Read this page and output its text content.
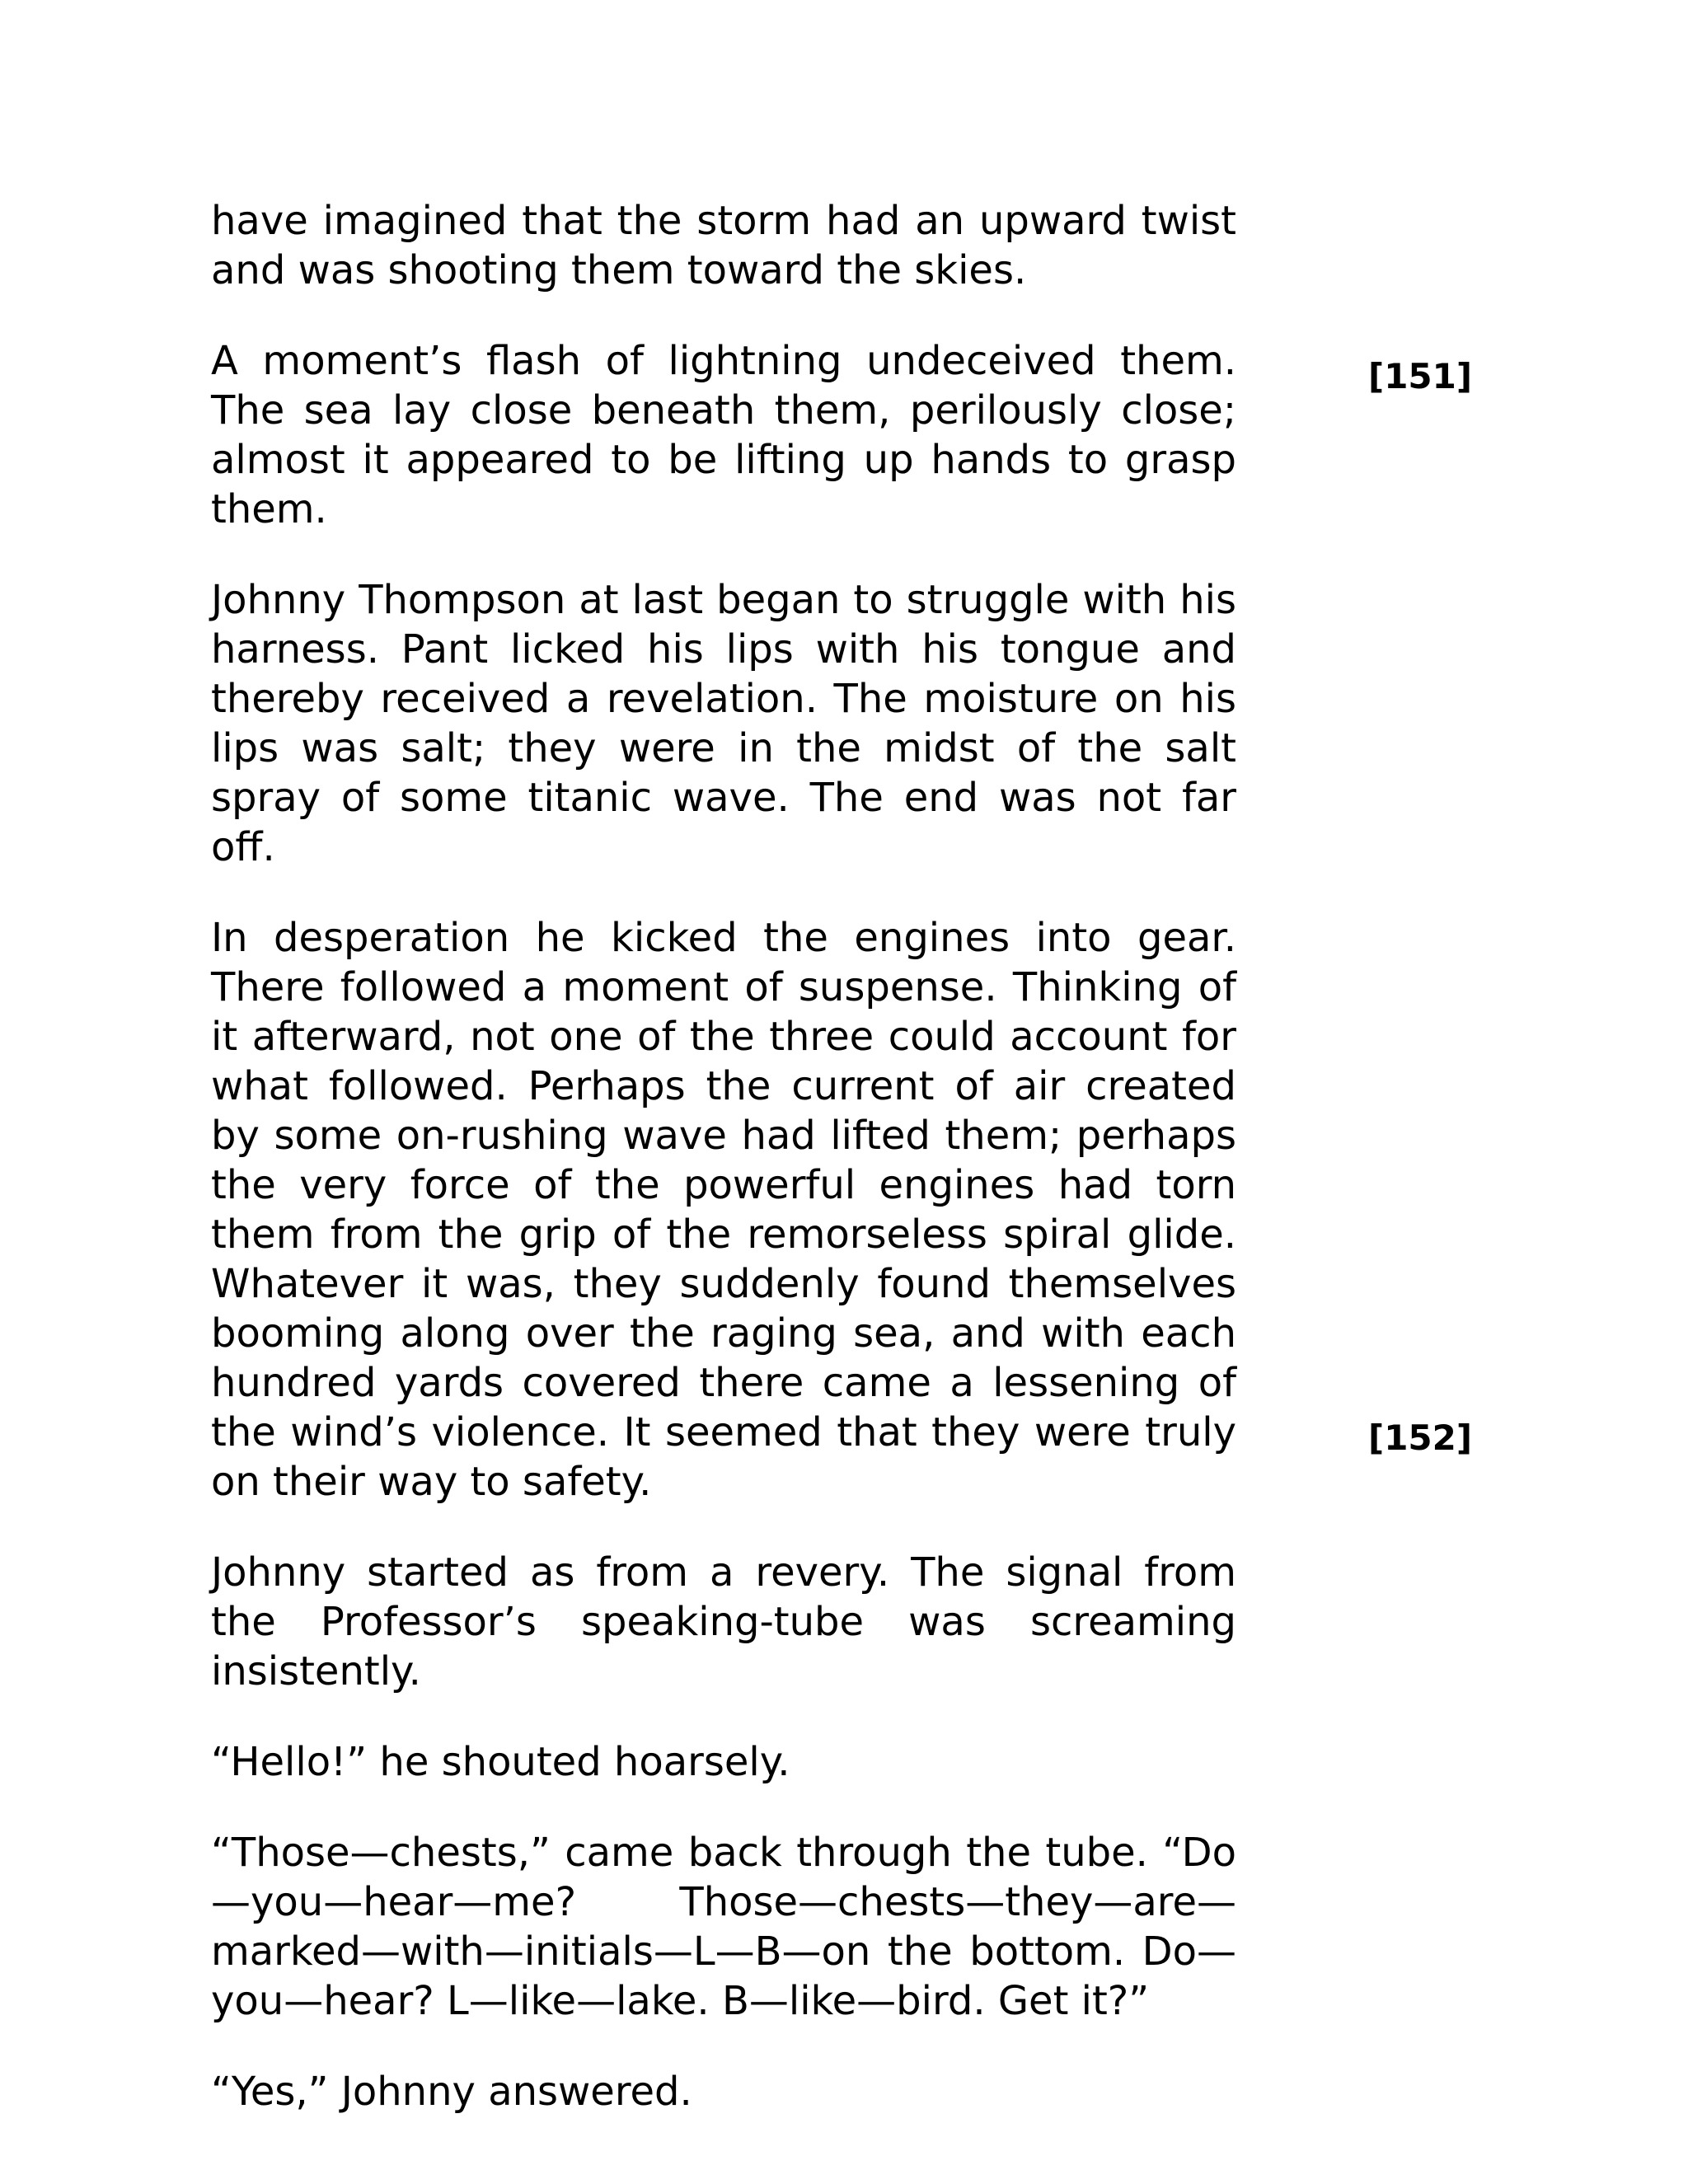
have imagined that the storm had an upward twist and was shooting them toward the skies.

A moment’s flash of lightning undeceived them. The sea lay close beneath them, perilously close; almost it appeared to be lifting up hands to grasp them.

Johnny Thompson at last began to struggle with his harness. Pant licked his lips with his tongue and thereby received a revelation. The moisture on his lips was salt; they were in the midst of the salt spray of some titanic wave. The end was not far off.

In desperation he kicked the engines into gear. There followed a moment of suspense. Thinking of it afterward, not one of the three could account for what followed. Perhaps the current of air created by some on-rushing wave had lifted them; perhaps the very force of the powerful engines had torn them from the grip of the remorseless spiral glide. Whatever it was, they suddenly found themselves booming along over the raging sea, and with each hundred yards covered there came a lessening of the wind’s violence. It seemed that they were truly on their way to safety.

Johnny started as from a revery. The signal from the Professor’s speaking-tube was screaming insistently.

“Hello!” he shouted hoarsely.

“Those—chests,” came back through the tube. “Do—you—hear—me? Those—chests—they—are—marked—with—initials—L—B—on the bottom. Do—you—hear? L—like—lake. B—like—bird. Get it?”

“Yes,” Johnny answered.

[151]
[152]
